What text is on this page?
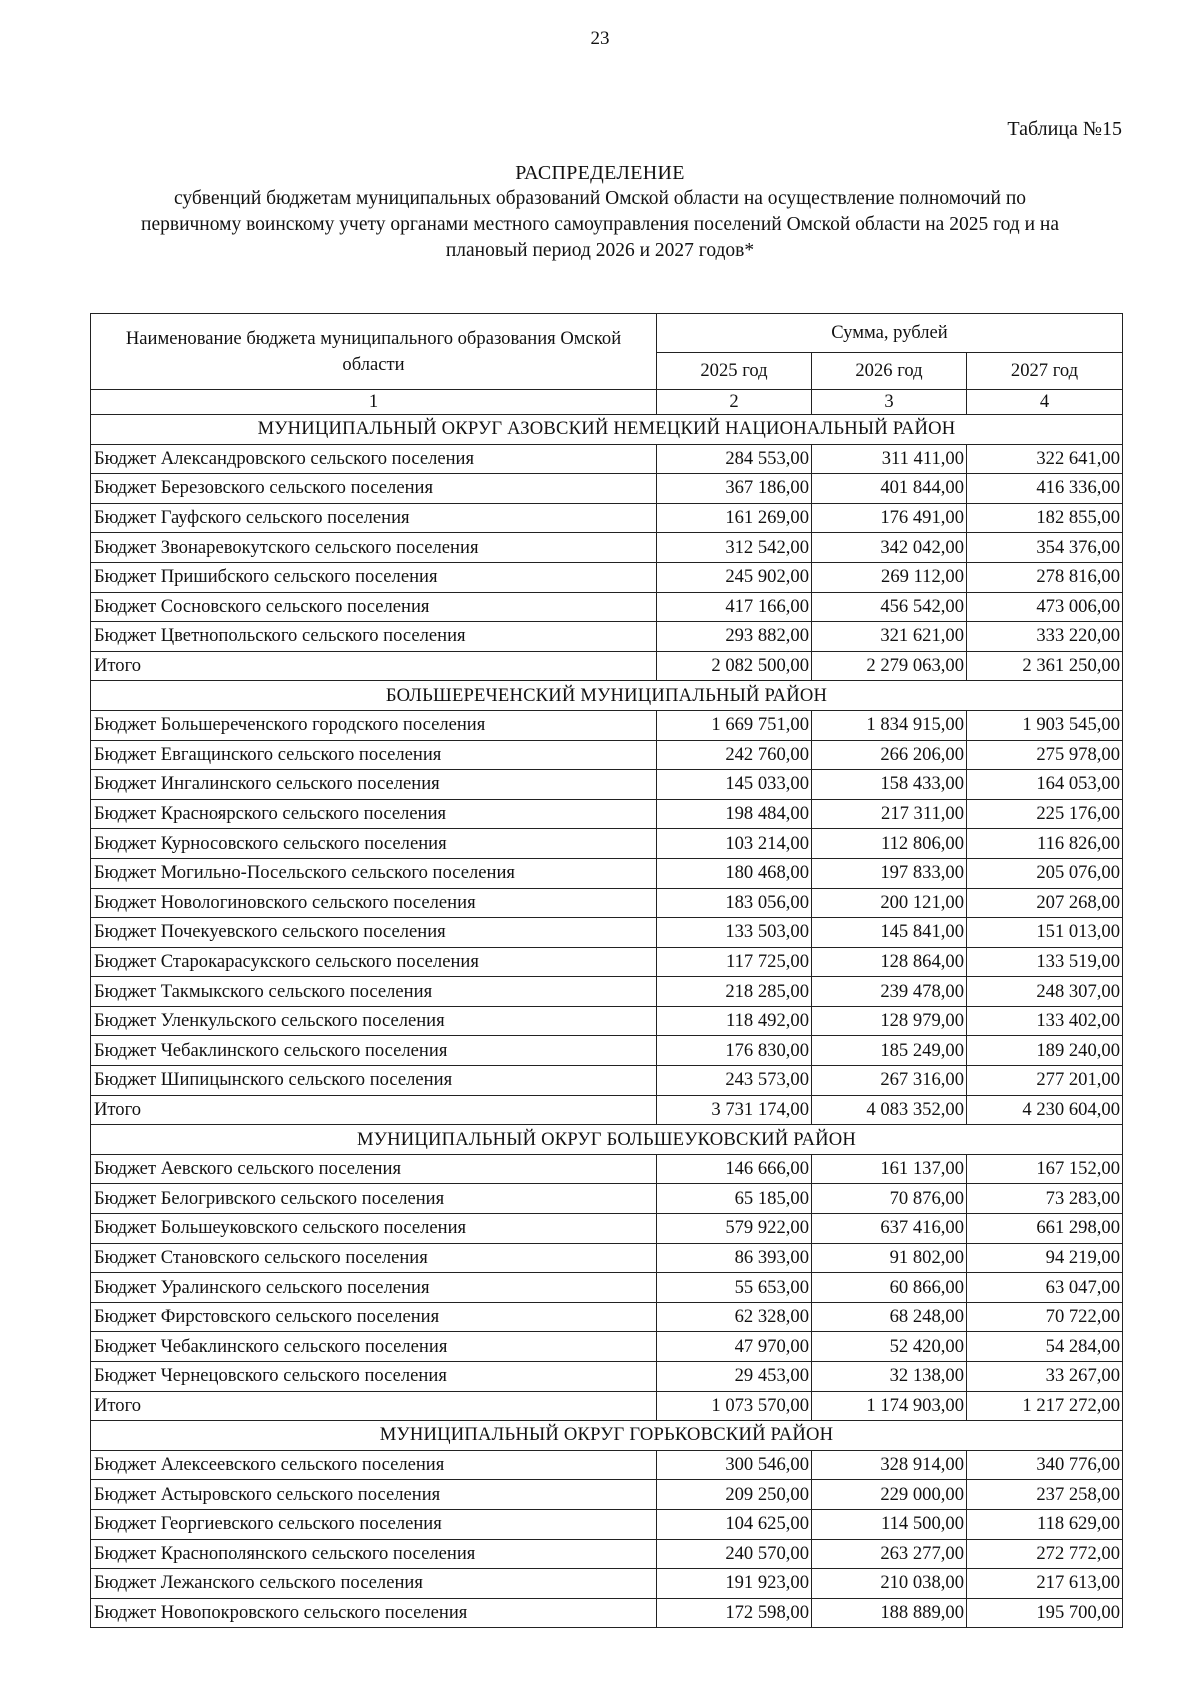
23
Таблица №15
РАСПРЕДЕЛЕНИЕ
субвенций бюджетам муниципальных образований Омской области на осуществление полномочий по
первичному воинскому учету органами местного самоуправления поселений Омской области на 2025 год и на
плановый период 2026 и 2027 годов*
Наименование бюджета муниципального образования Омской области	Сумма, рублей		
	2025 год	2026 год	2027 год
1	2	3	4
МУНИЦИПАЛЬНЫЙ ОКРУГ АЗОВСКИЙ НЕМЕЦКИЙ НАЦИОНАЛЬНЫЙ РАЙОН			
Бюджет Александровского сельского поселения	284 553,00	311 411,00	322 641,00
Бюджет Березовского сельского поселения	367 186,00	401 844,00	416 336,00
Бюджет Гауфского сельского поселения	161 269,00	176 491,00	182 855,00
Бюджет Звонаревокутского сельского поселения	312 542,00	342 042,00	354 376,00
Бюджет Пришибского сельского поселения	245 902,00	269 112,00	278 816,00
Бюджет Сосновского сельского поселения	417 166,00	456 542,00	473 006,00
Бюджет Цветнопольского сельского поселения	293 882,00	321 621,00	333 220,00
Итого	2 082 500,00	2 279 063,00	2 361 250,00
БОЛЬШЕРЕЧЕНСКИЙ МУНИЦИПАЛЬНЫЙ РАЙОН			
Бюджет Большереченского городского поселения	1 669 751,00	1 834 915,00	1 903 545,00
Бюджет Евгащинского сельского поселения	242 760,00	266 206,00	275 978,00
Бюджет Ингалинского сельского поселения	145 033,00	158 433,00	164 053,00
Бюджет Красноярского сельского поселения	198 484,00	217 311,00	225 176,00
Бюджет Курносовского сельского поселения	103 214,00	112 806,00	116 826,00
Бюджет Могильно-Посельского сельского поселения	180 468,00	197 833,00	205 076,00
Бюджет Новологиновского сельского поселения	183 056,00	200 121,00	207 268,00
Бюджет Почекуевского сельского поселения	133 503,00	145 841,00	151 013,00
Бюджет Старокарасукского сельского поселения	117 725,00	128 864,00	133 519,00
Бюджет Такмыкского сельского поселения	218 285,00	239 478,00	248 307,00
Бюджет Уленкульского сельского поселения	118 492,00	128 979,00	133 402,00
Бюджет Чебаклинского сельского поселения	176 830,00	185 249,00	189 240,00
Бюджет Шипицынского сельского поселения	243 573,00	267 316,00	277 201,00
Итого	3 731 174,00	4 083 352,00	4 230 604,00
МУНИЦИПАЛЬНЫЙ ОКРУГ БОЛЬШЕУКОВСКИЙ РАЙОН			
Бюджет Аевского сельского поселения	146 666,00	161 137,00	167 152,00
Бюджет Белогривского сельского поселения	65 185,00	70 876,00	73 283,00
Бюджет Большеуковского сельского поселения	579 922,00	637 416,00	661 298,00
Бюджет Становского сельского поселения	86 393,00	91 802,00	94 219,00
Бюджет Уралинского сельского поселения	55 653,00	60 866,00	63 047,00
Бюджет Фирстовского сельского поселения	62 328,00	68 248,00	70 722,00
Бюджет Чебаклинского сельского поселения	47 970,00	52 420,00	54 284,00
Бюджет Чернецовского сельского поселения	29 453,00	32 138,00	33 267,00
Итого	1 073 570,00	1 174 903,00	1 217 272,00
МУНИЦИПАЛЬНЫЙ ОКРУГ ГОРЬКОВСКИЙ РАЙОН			
Бюджет Алексеевского сельского поселения	300 546,00	328 914,00	340 776,00
Бюджет Астыровского сельского поселения	209 250,00	229 000,00	237 258,00
Бюджет Георгиевского сельского поселения	104 625,00	114 500,00	118 629,00
Бюджет Краснополянского сельского поселения	240 570,00	263 277,00	272 772,00
Бюджет Лежанского сельского поселения	191 923,00	210 038,00	217 613,00
Бюджет Новопокровского сельского поселения	172 598,00	188 889,00	195 700,00
